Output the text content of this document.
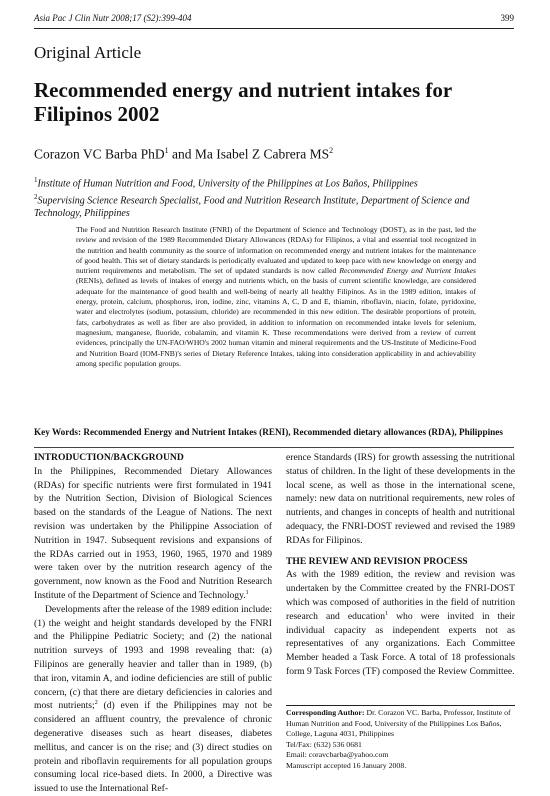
Asia Pac J Clin Nutr 2008;17 (S2):399-404	399
Original Article
Recommended energy and nutrient intakes for Filipinos 2002
Corazon VC Barba PhD$^1$ and Ma Isabel Z Cabrera $MS^2$
$^1$Institute of Human Nutrition and Food, University of the Philippines at Los Baños, Philippines
$^2$Supervising Science Research Specialist, Food and Nutrition Research Institute, Department of Science and Technology, Philippines
The Food and Nutrition Research Institute (FNRI) of the Department of Science and Technology (DOST), as in the past, led the review and revision of the 1989 Recommended Dietary Allowances (RDAs) for Filipinos, a vital and essential tool recognized in the nutrition and health community as the source of information on recommended energy and nutrient intakes for the maintenance of good health. This set of dietary standards is periodically evaluated and updated to keep pace with new knowledge on energy and nutrient requirements and metabolism. The set of updated standards is now called Recommended Energy and Nutrient Intakes (RENIs), defined as levels of intakes of energy and nutrients which, on the basis of current scientific knowledge, are considered adequate for the maintenance of good health and well-being of nearly all healthy Filipinos. As in the 1989 edition, intakes of energy, protein, calcium, phosphorus, iron, iodine, zinc, vitamins A, C, D and E, thiamin, riboflavin, niacin, folate, pyridoxine, water and electrolytes (sodium, potassium, chloride) are recommended in this new edition. The desirable proportions of protein, fats, carbohydrates as well as fiber are also provided, in addition to information on recommended intake levels for selenium, magnesium, manganese, fluoride, cobalamin, and vitamin K. These recommendations were derived from a review of current evidences, principally the UN-FAO/WHO's 2002 human vitamin and mineral requirements and the US-Institute of Medicine-Food and Nutrition Board (IOM-FNB)'s series of Dietary Reference Intakes, taking into consideration applicability in and achievability among specific population groups.
Key Words: Recommended Energy and Nutrient Intakes (RENI), Recommended dietary allowances (RDA), Philippines
INTRODUCTION/BACKGROUND

In the Philippines, Recommended Dietary Allowances (RDAs) for specific nutrients were first formulated in 1941 by the Nutrition Section, Division of Biological Sciences based on the standards of the League of Nations. The next revision was undertaken by the Philippine Association of Nutrition in 1947. Subsequent revisions and expansions of the RDAs carried out in 1953, 1960, 1965, 1970 and 1989 were taken over by the nutrition research agency of the government, now known as the Food and Nutrition Research Institute of the Department of Science and Technology.$^1$

Developments after the release of the 1989 edition include: (1) the weight and height standards developed by the FNRI and the Philippine Pediatric Society; and (2) the national nutrition surveys of 1993 and 1998 revealing that: (a) Filipinos are generally heavier and taller than in 1989, (b) that iron, vitamin A, and iodine deficiencies are still of public concern, (c) that there are dietary deficiencies in calories and most nutrients;$^2$ (d) even if the Philippines may not be considered an affluent country, the prevalence of chronic degenerative diseases such as heart diseases, diabetes mellitus, and cancer is on the rise; and (3) direct studies on protein and riboflavin requirements for all population groups consuming local rice-based diets. In 2000, a Directive was issued to use the International Ref-

erence Standards (IRS) for growth assessing the nutritional status of children. In the light of these developments in the local scene, as well as those in the international scene, namely: new data on nutritional requirements, new roles of nutrients, and changes in concepts of health and nutritional adequacy, the FNRI-DOST reviewed and revised the 1989 RDAs for Filipinos.

THE REVIEW AND REVISION PROCESS

As with the 1989 edition, the review and revision was undertaken by the Committee created by the FNRI-DOST which was composed of authorities in the field of nutrition research and education$^1$ who were invited in their individual capacity as independent experts not as representatives of any organizations. Each Committee Member headed a Task Force. A total of 18 professionals form 9 Task Forces (TF) composed the Review Committee.

Corresponding Author: Dr. Corazon VC. Barba, Professor, Institute of Human Nutrition and Food, University of the Philippines Los Baños, College, Laguna 4031, Philippines
Tel/Fax: (632) 536 0681
Email: coravcbarba@yahoo.com
Manuscript accepted 16 January 2008.
